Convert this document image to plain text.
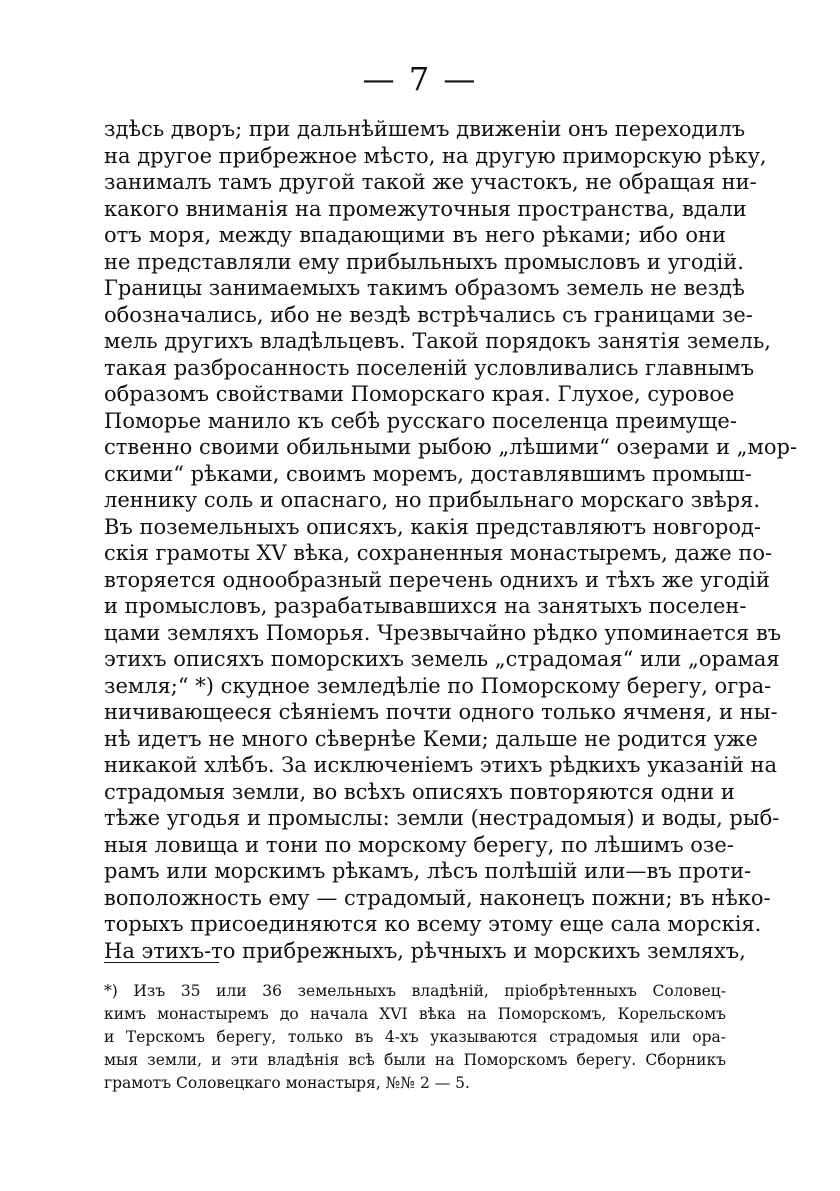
— 7 —
здѣсь дворъ; при дальнѣйшемъ движеніи онъ переходилъ
на другое прибрежное мѣсто, на другую приморскую рѣку,
занималъ тамъ другой такой же участокъ, не обращая ни-
какого вниманія на промежуточныя пространства, вдали
отъ моря, между впадающими въ него рѣками; ибо они
не представляли ему прибыльныхъ промысловъ и угодій.
Границы занимаемыхъ такимъ образомъ земель не вездѣ
обозначались, ибо не вездѣ встрѣчались съ границами зе-
мель другихъ владѣльцевъ. Такой порядокъ занятія земель,
такая разбросанность поселеній условливались главнымъ
образомъ свойствами Поморскаго края. Глухое, суровое
Поморье манило къ себѣ русскаго поселенца преимуще-
ственно своими обильными рыбою „лѣшими“ озерами и „мор-
скими“ рѣками, своимъ моремъ, доставлявшимъ промыш-
леннику соль и опаснаго, но прибыльнаго морскаго звѣря.
Въ поземельныхъ описяхъ, какія представляютъ новгород-
скія грамоты XV вѣка, сохраненныя монастыремъ, даже по-
вторяется однообразный перечень однихъ и тѣхъ же угодій
и промысловъ, разрабатывавшихся на занятыхъ поселен-
цами земляхъ Поморья. Чрезвычайно рѣдко упоминается въ
этихъ описяхъ поморскихъ земель „страдомая“ или „орамая
земля;“ *) скудное земледѣліе по Поморскому берегу, огра-
ничивающееся сѣяніемъ почти одного только ячменя, и ны-
нѣ идетъ не много сѣвернѣе Кеми; дальше не родится уже
никакой хлѣбъ. За исключеніемъ этихъ рѣдкихъ указаній на
страдомыя земли, во всѣхъ описяхъ повторяются одни и
тѣже угодья и промыслы: земли (нестрадомыя) и воды, рыб-
ныя ловища и тони по морскому берегу, по лѣшимъ озе-
рамъ или морскимъ рѣкамъ, лѣсъ полѣшій или—въ проти-
воположность ему — страдомый, наконецъ пожни; въ нѣко-
торыхъ присоединяются ко всему этому еще сала морскія.
На этихъ-то прибрежныхъ, рѣчныхъ и морскихъ земляхъ,
*) Изъ 35 или 36 земельныхъ владѣній, пріобрѣтенныхъ Соловец-
кимъ монастыремъ до начала XVI вѣка на Поморскомъ, Корельскомъ
и Терскомъ берегу, только въ 4-хъ указываются страдомыя или ора-
мыя земли, и эти владѣнія всѣ были на Поморскомъ берегу. Сборникъ
грамотъ Соловецкаго монастыря, №№ 2 — 5.
